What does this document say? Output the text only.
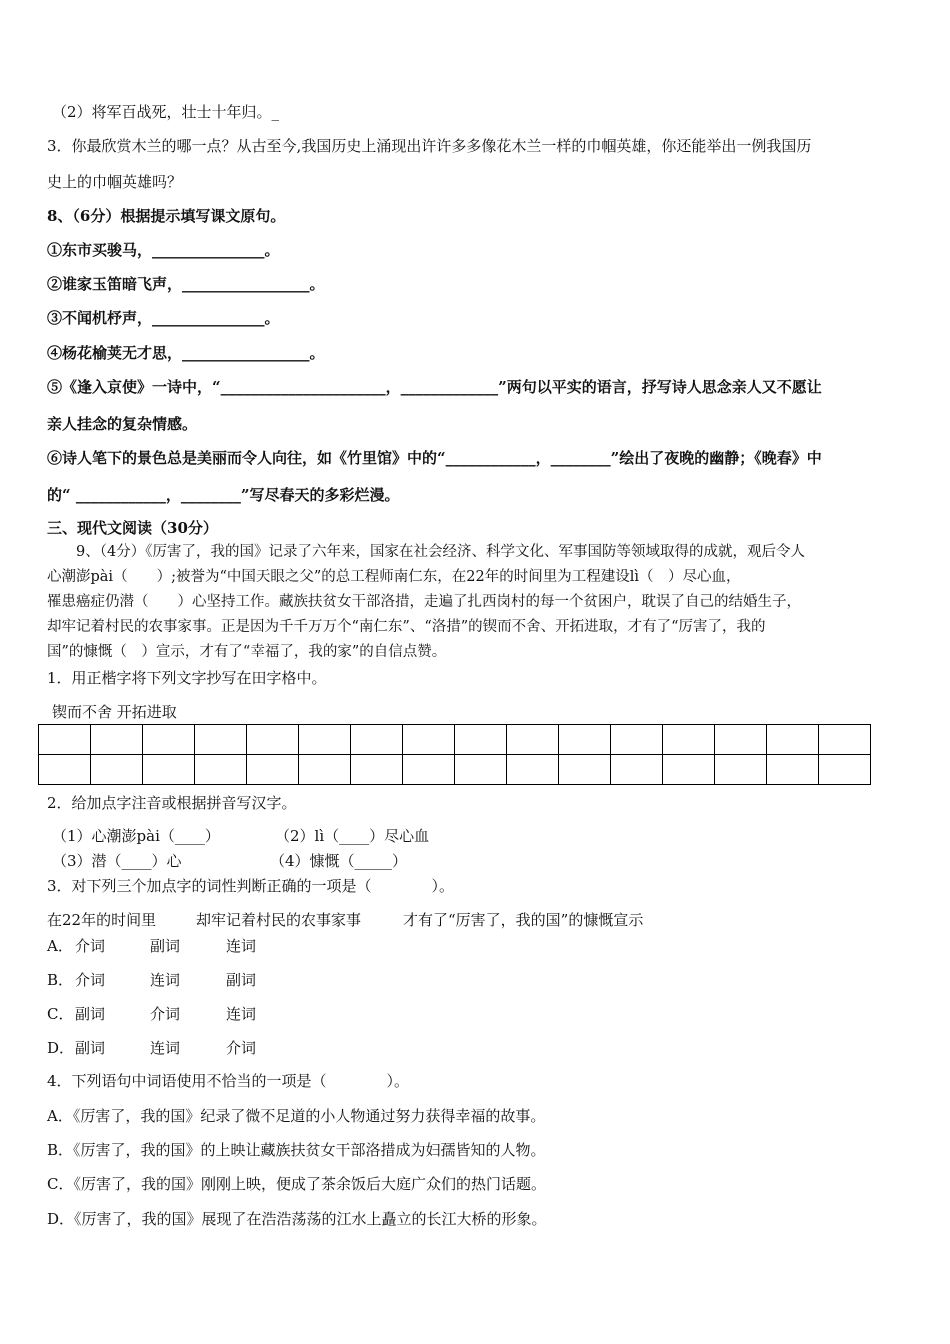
（2）将军百战死，壮士十年归。_
3．你最欣赏木兰的哪一点？从古至今,我国历史上涌现出许许多多像花木兰一样的巾帼英雄，你还能举出一例我国历
史上的巾帼英雄吗？
8、（6分）根据提示填写课文原句。
①东市买骏马，_______________。
②谁家玉笛暗飞声，_________________。
③不闻机杼声，_______________。
④杨花榆荚无才思，_________________。
⑤《逢入京使》一诗中，“______________________，_____________”两句以平实的语言，抒写诗人思念亲人又不愿让
亲人挂念的复杂情感。
⑥诗人笔下的景色总是美丽而令人向往，如《竹里馆》中的“____________，________”绘出了夜晚的幽静；《晚春》中
的“ ____________，________”写尽春天的多彩烂漫。
三、现代文阅读（30分）
　　9、（4分）《厉害了，我的国》记录了六年来，国家在社会经济、科学文化、军事国防等领域取得的成就，观后令人
心潮澎pài（　　）;被誉为“中国天眼之父”的总工程师南仁东，在22年的时间里为工程建设lì（　）尽心血，
罹患癌症仍潜（　　）心坚持工作。藏族扶贫女干部洛措，走遍了扎西岗村的每一个贫困户，耽误了自己的结婚生子，
却牢记着村民的农事家事。正是因为千千万万个“南仁东”、“洛措”的锲而不舍、开拓进取，才有了“厉害了，我的
国”的慷慨（　）宣示，才有了“幸福了，我的家”的自信点赞。
1．用正楷字将下列文字抄写在田字格中。
锲而不舍 开拓进取

2．给加点字注音或根据拼音写汉字。
（1）心潮澎pài（____）	（2）lì（____）尽心血
（3）潜（____）心	（4）慷慨（_____）
3．对下列三个加点字的词性判断正确的一项是（　　　　）。
在22年的时间里	却牢记着村民的农事家事	才有了“厉害了，我的国”的慷慨宣示
A． 介词	副词	连词
B． 介词	连词	副词
C． 副词	介词	连词
D． 副词	连词	介词
4．下列语句中词语使用不恰当的一项是（　　　　）。
A．《厉害了，我的国》纪录了微不足道的小人物通过努力获得幸福的故事。
B．《厉害了，我的国》的上映让藏族扶贫女干部洛措成为妇孺皆知的人物。
C．《厉害了，我的国》刚刚上映，便成了茶余饭后大庭广众们的热门话题。
D．《厉害了，我的国》展现了在浩浩荡荡的江水上矗立的长江大桥的形象。
